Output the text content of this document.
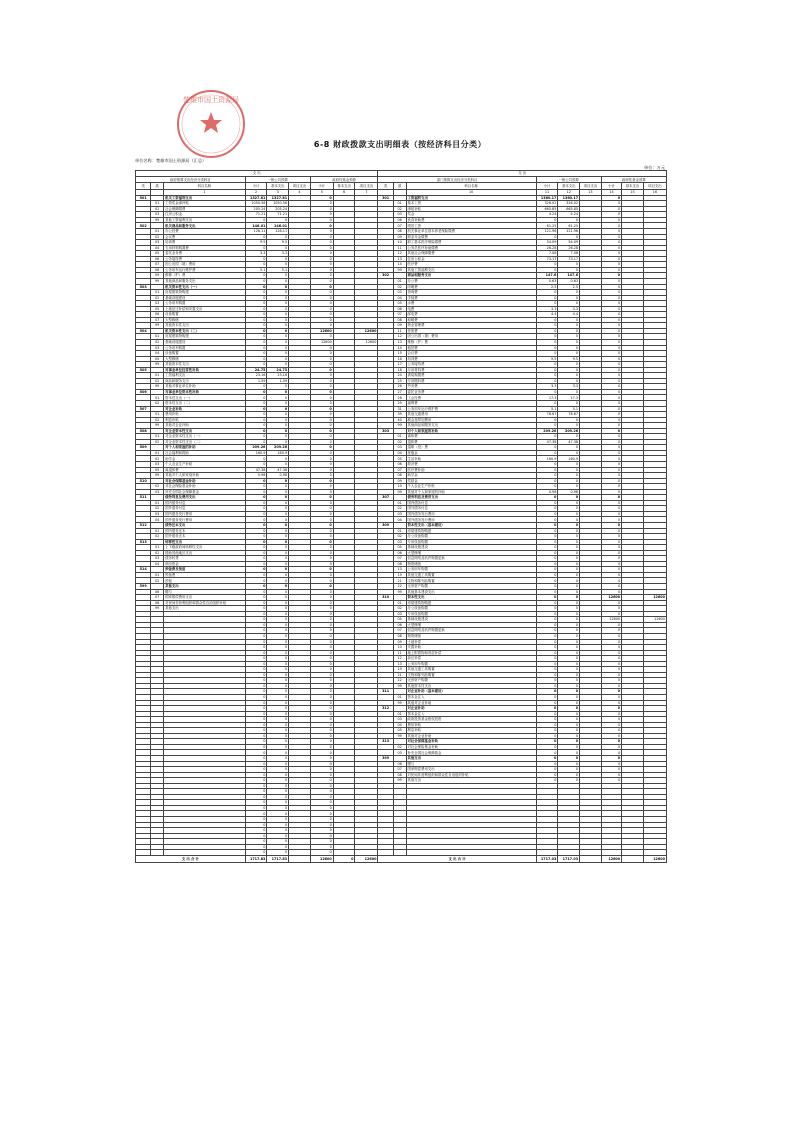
6-8 财政拨款支出明细表（按经济科目分类）
楚雄市国土资源局
单位名称：楚雄市国土资源局（汇总）
单位：万元
支 出									支 出								
政府预算支出经济分类科目			一般公共预算			政府性基金预算			部门预算支出经济分类科目			一般公共预算			政府性基金预算		
类	款	科目名称	小计	基本支出	项目支出	小计	基本支出	项目支出	类	款	科目名称	小计	基本支出	项目支出	小计	基本支出	项目支出
		1	2	3	4	5	6	7			10	11	12	13	14	15	16
501		机关工资福利支出	1327.81	1327.81		0			301		工资福利支出	1360.17	1360.17		0		
	01	工资奖金津补贴	1050.56	1050.56		0				01	基本工资	326.02	326.02		0		
	02	社会保障缴费	205.24	205.24		0				02	津贴补贴	665.85	665.85		0		
	03	住房公积金	71.21	71.21		0				03	奖金	4.24	4.24		0		
	99	其他工资福利支出	0	0		0				06	伙食补助费	0	0		0		
502		机关商品和服务支出	146.01	146.01		0				07	绩效工资	61.25	61.25		0		
	01	办公经费	128.11	128.11		0				08	机关事业单位基本养老保险缴费	121.96	121.96		0		
	02	会议费	0	0		0				09	职业年金缴费	0	0		0		
	03	培训费	9.5	9.5		0				10	职工基本医疗保险缴费	54.09	54.09		0		
	04	专用材料购置费	0	0		0				11	公务员医疗补助缴费	26.28	26.28		0		
	05	委托业务费	3.3	3.3		0				12	其他社会保障缴费	7.08	7.08		0		
	06	公务接待费	0	0		0				13	住房公积金	73.17	73.17		0		
	07	因公出国（境）费用	0	0		0				14	医疗费	0	0		0		
	08	公务用车运行维护费	5.1	5.1		0				99	其他工资福利支出	0	0		0		
	09	维修（护）费	0	0		0			302		商品和服务支出	147.6	147.6		0		
	99	其他商品和服务支出	0	0		0				01	办公费	0.63	0.63		0		
503		机关资本性支出（一）	0	0		0				02	印刷费	2.5	2.5		0		
	01	房屋建筑物购建	0	0		0				03	咨询费	0	0		0		
	02	基础设施建设	0	0		0				04	手续费	0	0		0		
	03	公务用车购置	0	0		0				05	水费	0	0		0		
	05	土地征迁补偿和安置支出	0	0		0				06	电费	3.3	3.3		0		
	06	设备购置	0	0		0				07	邮电费	4.4	4.4		0		
	07	大型修缮	0	0		0				08	取暖费	0	0		0		
	99	其他资本性支出	0	0		0				09	物业管理费	0	0		0		
504		机关资本性支出（二）	0	0		12600		12600		11	差旅费	0	0		0		
	01	房屋建筑物购建	0	0		0				12	因公出国（境）费用	0	0		0		
	02	基础设施建设	0	0		12600		12600		13	维修（护）费	0	0		0		
	03	公务用车购置	0	0		0				14	租赁费	0	0		0		
	04	设备购置	0	0		0				15	会议费	0	0		0		
	05	大型修缮	0	0		0				16	培训费	9.5	9.5		0		
	99	其他资本性支出	0	0		0				17	公务接待费	0	0		0		
505		对事业单位经常性补助	24.75	24.75		0				18	专用材料费	0	0		0		
	01	工资福利支出	23.16	23.16		0				24	被装购置费	0	0		0		
	02	商品和服务支出	1.59	1.59		0				25	专用燃料费	0	0		0		
	99	其他对事业单位补助	0	0		0				26	劳务费	3.3	3.3		0		
506		对事业单位资本性补助	0	0		0				27	委托业务费	0	0		0		
	01	资本性支出（一）	0	0		0				28	工会经费	17.3	17.3		0		
	02	资本性支出（二）	0	0		0				29	福利费	0	0		0		
507		对企业补助	0	0		0				31	公务用车运行维护费	5.1	5.1		0		
	01	费用补贴	0	0		0				39	其他交通费用	78.67	78.67		0		
	02	利息补贴	0	0		0				40	税金及附加费用	0	0		0		
	99	其他对企业补助	0	0		0				99	其他商品和服务支出	0	0		0		
508		对企业资本性支出	0	0		0			303		对个人和家庭的补助	209.26	209.26		0		
	01	对企业资本性支出（一）	0	0		0				01	离休费	0	0		0		
	02	对企业资本性支出（二）	0	0		0				02	退休费	47.38	47.38		0		
509		对个人和家庭的补助	209.26	209.26		0				03	退职（役）费	0	0		0		
	01	社会福利和救助	160.9	160.9		0				04	抚恤金	0	0		0		
	02	助学金	0	0		0				05	生活补助	160.9	160.9		0		
	03	个人农业生产补贴	0	0		0				06	救济费	0	0		0		
	05	离退休费	47.38	47.38		0				07	医疗费补助	0	0		0		
	99	其他对个人和家庭补助	0.98	0.98		0				08	助学金	0	0		0		
510		对社会保障基金补助	0	0		0				09	奖励金	0	0		0		
	02	对社会保险基金补助	0	0		0				10	个人农业生产补贴	0	0		0		
	03	补充全国社会保障基金	0	0		0				99	其他对个人和家庭的补助	0.98	0.98		0		
511		债务利息及费用支出	0	0		0			307		债务利息及费用支出	0	0		0		
	01	国内债务付息	0	0		0				01	国内债务付息	0	0		0		
	02	国外债务付息	0	0		0				02	国外债务付息	0	0		0		
	03	国内债务发行费用	0	0		0				03	国内债务发行费用	0	0		0		
	04	国外债务发行费用	0	0		0				04	国外债务发行费用	0	0		0		
512		债务还本支出	0	0		0			309		资本性支出（基本建设）	0	0		0		
	01	国内债务还本	0	0		0				01	房屋建筑物购建	0	0		0		
	02	国外债务还本	0	0		0				02	办公设备购置	0	0		0		
513		转移性支出	0	0		0				03	专用设备购置	0	0		0		
	01	上下级政府间转移性支出	0	0		0				05	基础设施建设	0	0		0		
	02	援助其他地区支出	0	0		0				06	大型修缮	0	0		0		
	03	债务转贷	0	0		0				07	信息网络及软件购置更新	0	0		0		
	04	调出资金	0	0		0				08	物资储备	0	0		0		
514		预备费及预留	0	0		0				13	公务用车购置	0	0		0		
	01	预备费	0	0		0				19	其他交通工具购置	0	0		0		
	02	预留	0	0		0				21	文物和陈列品购置	0	0		0		
599		其他支出	0	0		0				22	无形资产购置	0	0		0		
	06	赠与	0	0		0				99	其他基本建设支出	0	0		0		
	07	国家赔偿费用支出	0	0		0			310		资本性支出	0	0		12600		12600
	08	对民间非营利组织和群众性自治组织补贴	0	0		0				01	房屋建筑物购建	0	0		0		
	99	其他支出	0	0		0				02	办公设备购置	0	0		0		
			0	0		0				03	专用设备购置	0	0		0		
			0	0		0				05	基础设施建设	0	0		12600		12600
			0	0		0				06	大型修缮	0	0		0		
			0	0		0				07	信息网络及软件购置更新	0	0		0		
			0	0		0				08	物资储备	0	0		0		
			0	0		0				09	土地补偿	0	0		0		
			0	0		0				10	安置补助	0	0		0		
			0	0		0				11	地上附着物和青苗补偿	0	0		0		
			0	0		0				12	拆迁补偿	0	0		0		
			0	0		0				13	公务用车购置	0	0		0		
			0	0		0				19	其他交通工具购置	0	0		0		
			0	0		0				21	文物和陈列品购置	0	0		0		
			0	0		0				22	无形资产购置	0	0		0		
			0	0		0				99	其他资本性支出	0	0		0		
			0	0		0			311		对企业补助（基本建设）	0	0		0		
			0	0		0				01	资本金注入	0	0		0		
			0	0		0				99	其他对企业补助	0	0		0		
			0	0		0			312		对企业补助	0	0		0		
			0	0		0				01	资本金注入	0	0		0		
			0	0		0				03	政府投资基金股权投资	0	0		0		
			0	0		0				04	费用补贴	0	0		0		
			0	0		0				05	利息补贴	0	0		0		
			0	0		0				99	其他对企业补助	0	0		0		
			0	0		0			313		对社会保障基金补助	0	0		0		
			0	0		0				02	对社会保险基金补助	0	0		0		
			0	0		0				03	补充全国社会保障基金	0	0		0		
			0	0		0			399		其他支出	0	0		0		
			0	0		0				06	赠与	0	0		0		
			0	0		0				07	国家赔偿费用支出	0	0		0		
			0	0		0				08	对民间非营利组织和群众性自治组织补贴	0	0		0		
			0	0		0				99	其他支出	0	0		0		
			0	0		0											
			0	0		0											
			0	0		0											
			0	0		0											
			0	0		0											
			0	0		0											
			0	0		0											
			0	0		0											
			0	0		0											
			0	0		0											
			0	0		0											
			0	0		0											
			0	0		0											
支 出 合 计			1717.83	1717.83		12600	0	12600	支 出 合 计			1717.03	1717.03		12600		12600
